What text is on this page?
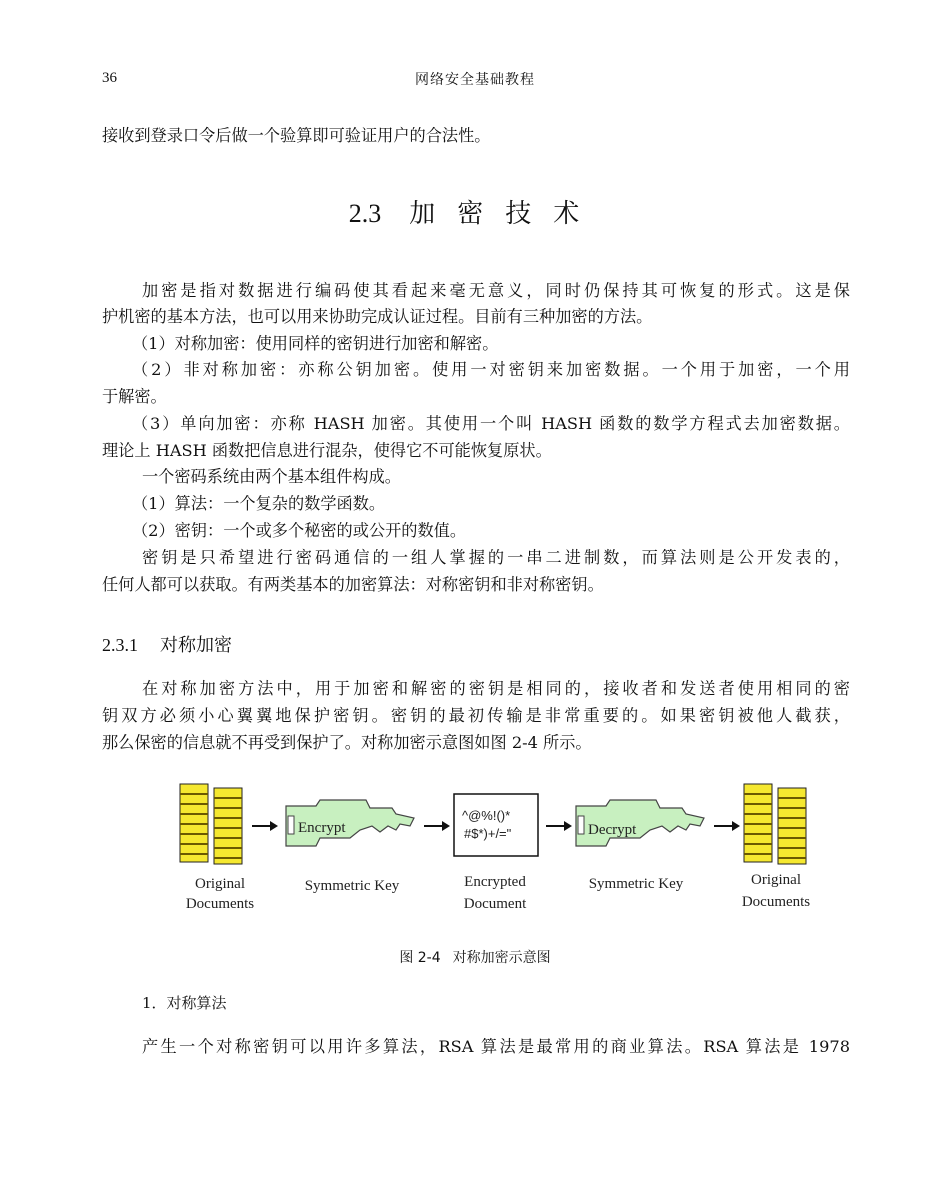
36	网络安全基础教程
接收到登录口令后做一个验算即可验证用户的合法性。
2.3 加密技术
加密是指对数据进行编码使其看起来毫无意义，同时仍保持其可恢复的形式。这是保
护机密的基本方法，也可以用来协助完成认证过程。目前有三种加密的方法。
（1）对称加密：使用同样的密钥进行加密和解密。
（2）非对称加密：亦称公钥加密。使用一对密钥来加密数据。一个用于加密，一个用
于解密。
（3）单向加密：亦称 HASH 加密。其使用一个叫 HASH 函数的数学方程式去加密数据。
理论上 HASH 函数把信息进行混杂，使得它不可能恢复原状。
一个密码系统由两个基本组件构成。
（1）算法：一个复杂的数学函数。
（2）密钥：一个或多个秘密的或公开的数值。
密钥是只希望进行密码通信的一组人掌握的一串二进制数，而算法则是公开发表的，
任何人都可以获取。有两类基本的加密算法：对称密钥和非对称密钥。
2.3.1 对称加密
在对称加密方法中，用于加密和解密的密钥是相同的，接收者和发送者使用相同的密
钥双方必须小心翼翼地保护密钥。密钥的最初传输是非常重要的。如果密钥被他人截获，
那么保密的信息就不再受到保护了。对称加密示意图如图 2-4 所示。
Encrypt
^@%!()*
#$*)+/="	Decrypt
Original
Documents
Symmetric Key	Encrypted
Document
Symmetric Key	Original
Documents
图 2-4 对称加密示意图
1．对称算法
产生一个对称密钥可以用许多算法，RSA 算法是最常用的商业算法。RSA 算法是 1978
